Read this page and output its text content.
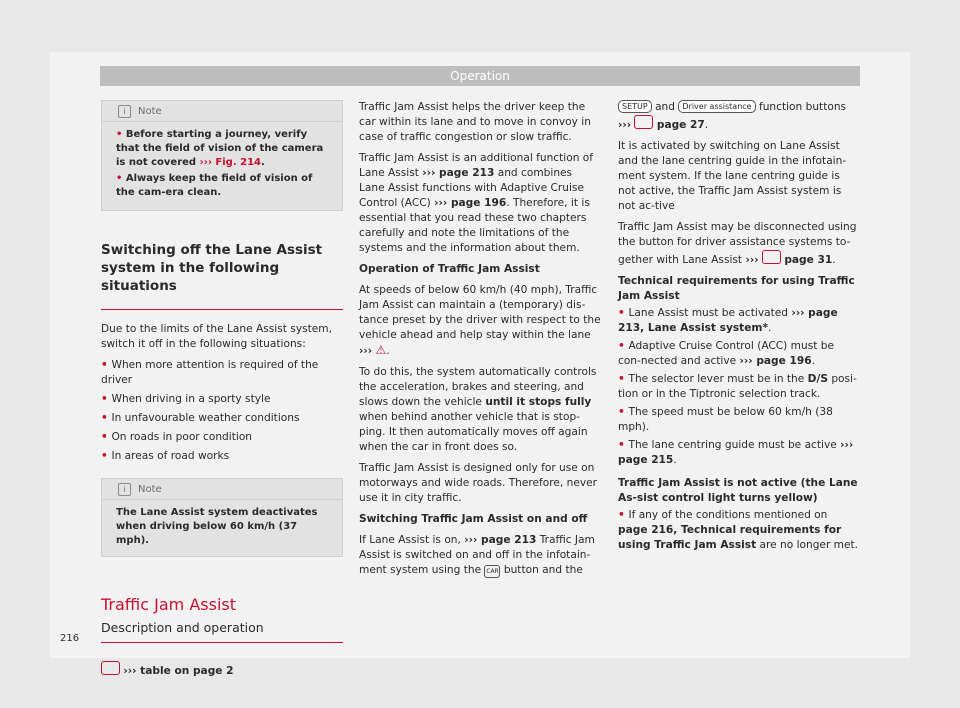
Operation
i	Note
• Before starting a journey, verify that the field of vision of the camera is not covered ››› Fig. 214.
• Always keep the field of vision of the cam-era clean.

Switching off the Lane Assist system in the following situations

Due to the limits of the Lane Assist system, switch it off in the following situations:

• When more attention is required of the driver
• When driving in a sporty style
• In unfavourable weather conditions
• On roads in poor condition
• In areas of road works
i	Note
The Lane Assist system deactivates when driving below 60 km/h (37 mph).

Traffic Jam Assist

Description and operation

››› table on page 2

Traffic Jam Assist helps the driver keep the car within its lane and to move in convoy in case of traffic congestion or slow traffic.

Traffic Jam Assist is an additional function of Lane Assist ››› page 213 and combines Lane Assist functions with Adaptive Cruise Control (ACC) ››› page 196. Therefore, it is essential that you read these two chapters carefully and note the limitations of the systems and the information about them.

Operation of Traffic Jam Assist

At speeds of below 60 km/h (40 mph), Traffic Jam Assist can maintain a (temporary) dis-tance preset by the driver with respect to the vehicle ahead and help stay within the lane
››› ⚠.

To do this, the system automatically controls the acceleration, brakes and steering, and slows down the vehicle until it stops fully when behind another vehicle that is stop-ping. It then automatically moves off again when the car in front does so.

Traffic Jam Assist is designed only for use on motorways and wide roads. Therefore, never use it in city traffic.

Switching Traffic Jam Assist on and off

If Lane Assist is on, ››› page 213 Traffic Jam Assist is switched on and off in the infotain-ment system using the CAR button and the

SETUP and Driver assistance function buttons
››› page 27.

It is activated by switching on Lane Assist and the lane centring guide in the infotain-ment system. If the lane centring guide is not active, the Traffic Jam Assist system is not ac-tive

Traffic Jam Assist may be disconnected using the button for driver assistance systems to-gether with Lane Assist ››› page 31.

Technical requirements for using Traffic Jam Assist

• Lane Assist must be activated ››› page 213, Lane Assist system*.
• Adaptive Cruise Control (ACC) must be con-nected and active ››› page 196.
• The selector lever must be in the D/S posi-tion or in the Tiptronic selection track.
• The speed must be below 60 km/h (38 mph).
• The lane centring guide must be active ››› page 215.

Traffic Jam Assist is not active (the Lane As-sist control light turns yellow)

• If any of the conditions mentioned on page 216, Technical requirements for using Traffic Jam Assist are no longer met.
216
